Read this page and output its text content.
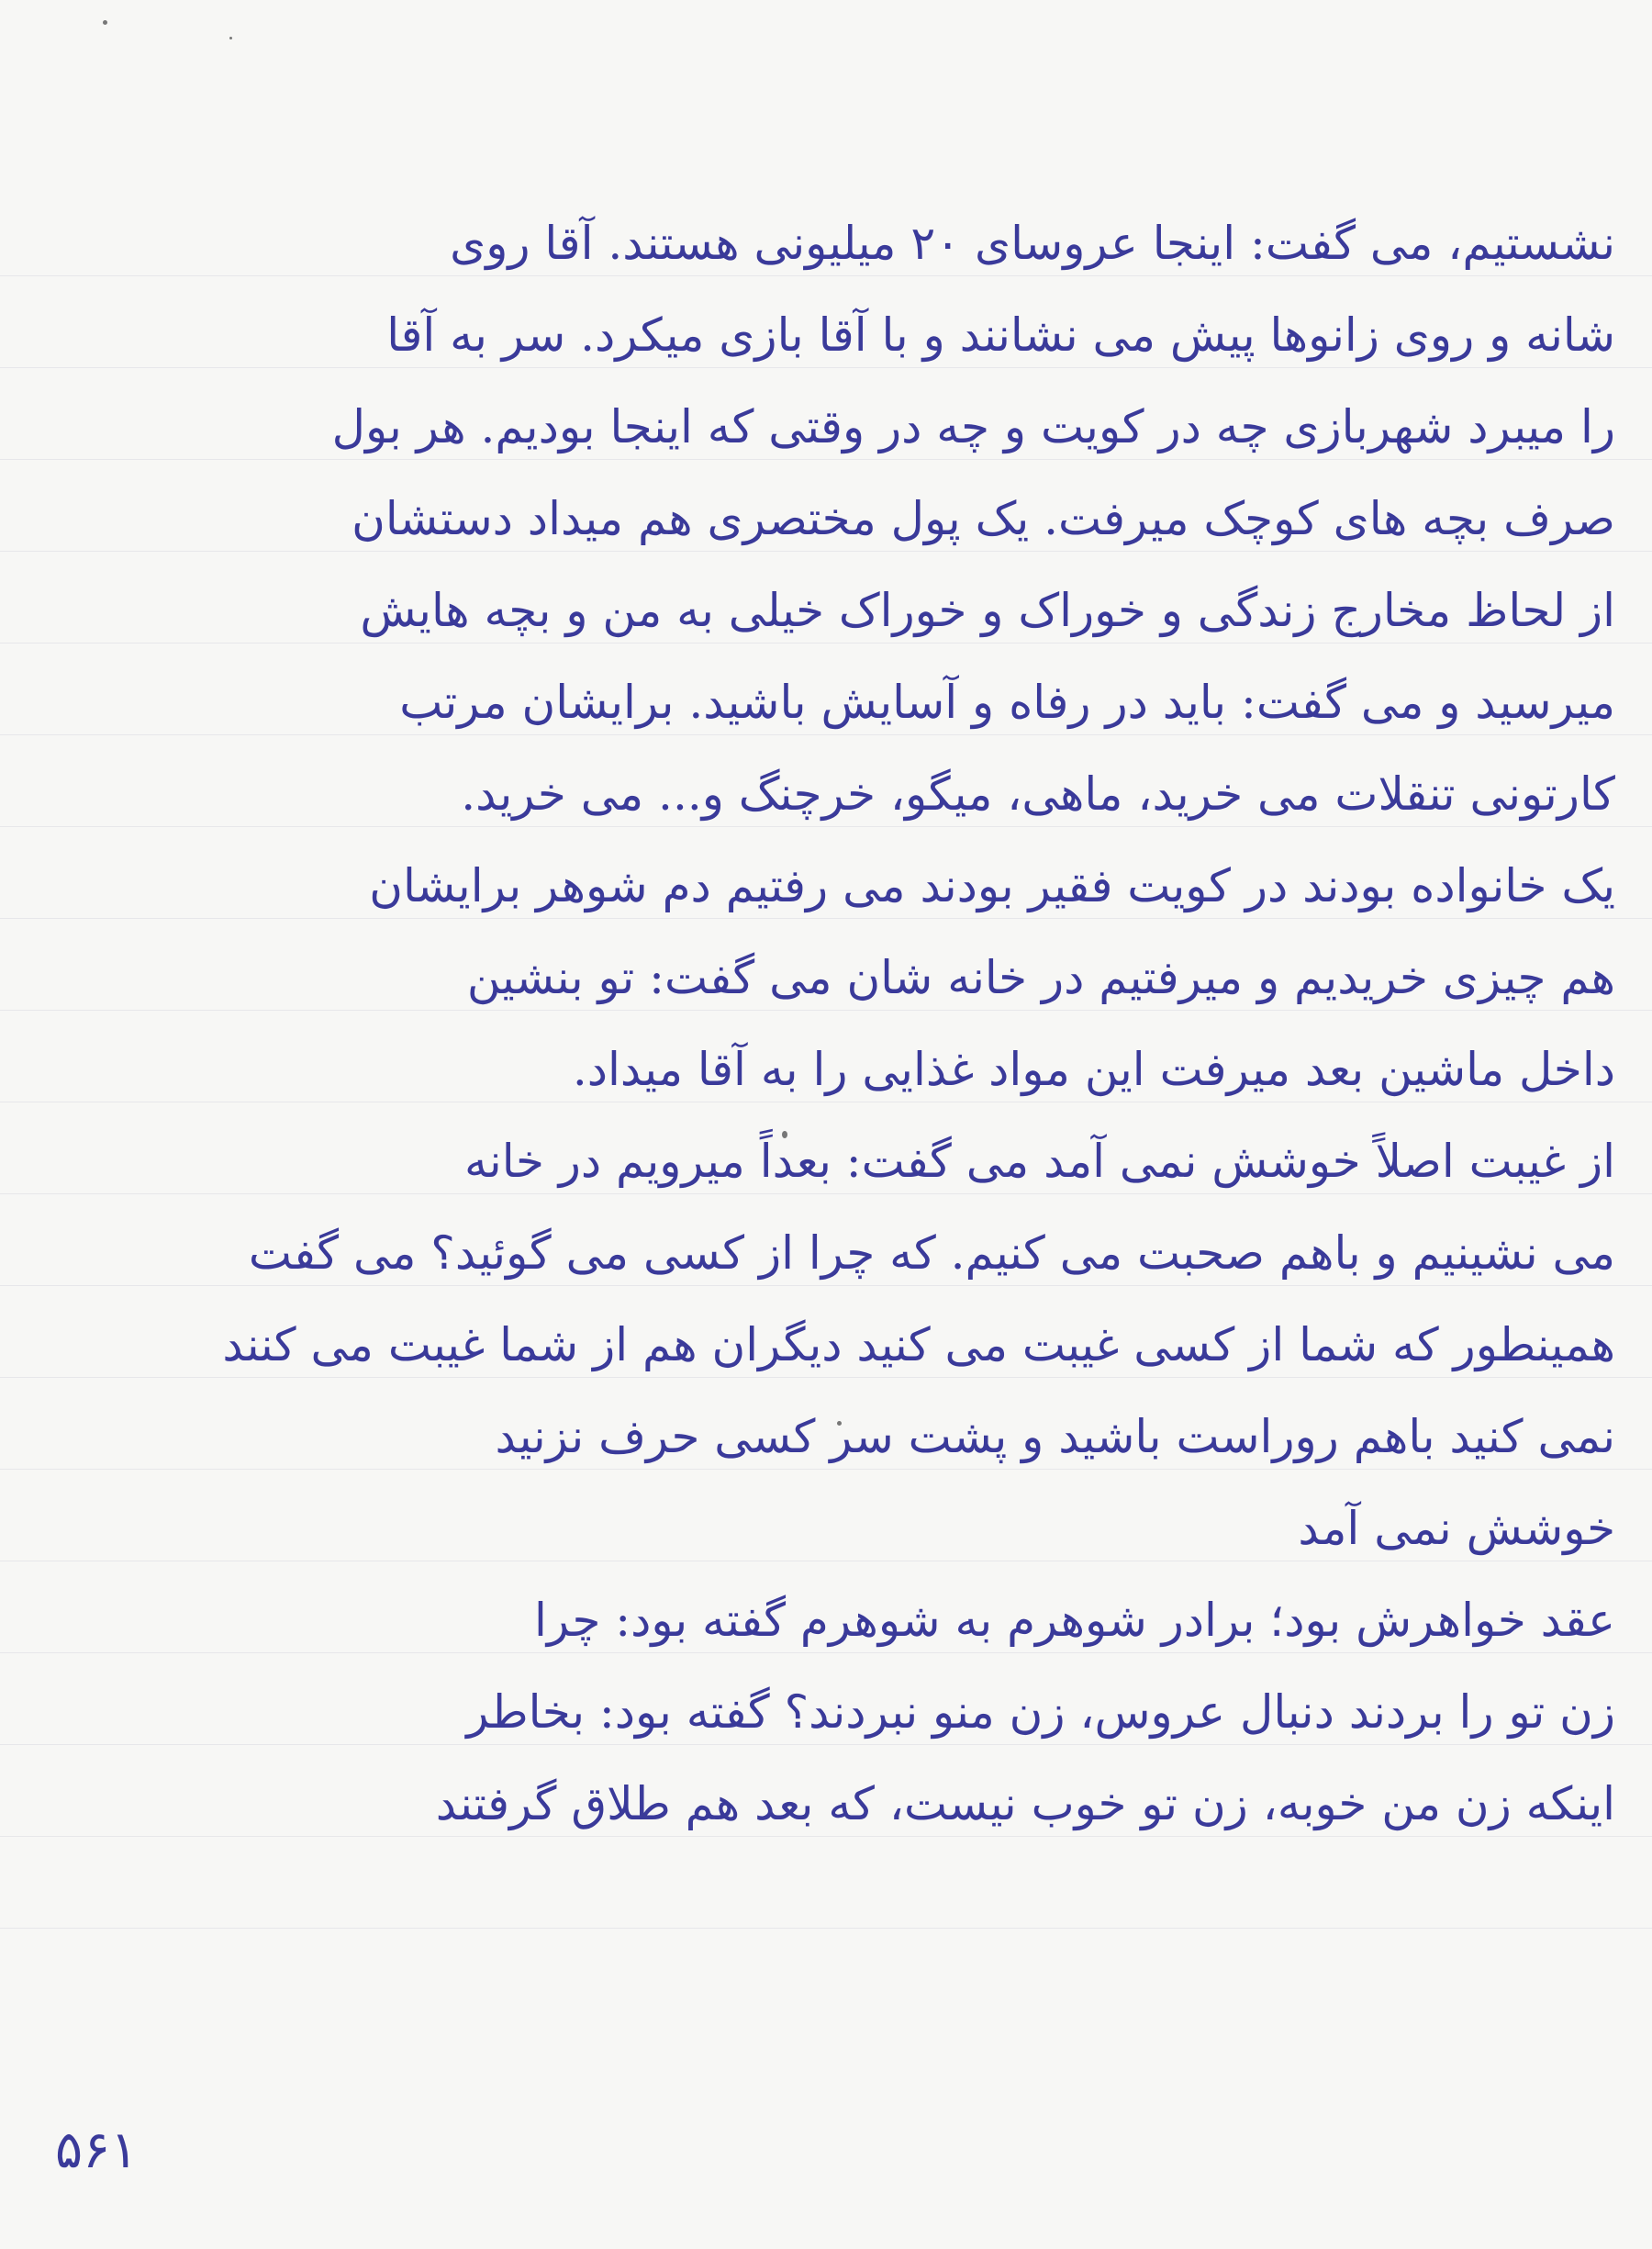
نشستیم، می گفت: اینجا عروسای ۲۰ میلیونی هستند. آقا روی
شانه و روی زانوها پیش می نشانند و با آقا بازی میکرد. سر به آقا
را میبرد شهربازی چه در کویت و چه در وقتی که اینجا بودیم. هر بول
صرف بچه های کوچک میرفت. یک پول مختصری هم میداد دستشان
از لحاظ مخارج زندگی و خوراک و خوراک خیلی به من و بچه هایش
میرسید و می گفت: باید در رفاه و آسایش باشید. برایشان مرتب
کارتونی تنقلات می خرید، ماهی، میگو، خرچنگ و... می خرید.
یک خانواده بودند در کویت فقیر بودند می رفتیم دم شوهر برایشان
هم چیزی خریدیم و میرفتیم در خانه شان می گفت: تو بنشین
داخل ماشین بعد میرفت این مواد غذایی را به آقا میداد.
از غیبت اصلاً خوشش نمی آمد می گفت: بعداً میرویم در خانه
می نشینیم و باهم صحبت می کنیم. که چرا از کسی می گوئید؟ می گفت
همینطور که شما از کسی غیبت می کنید دیگران هم از شما غیبت می کنند
نمی کنید باهم روراست باشید و پشت سر کسی حرف نزنید
خوشش نمی آمد
عقد خواهرش بود؛ برادر شوهرم به شوهرم گفته بود: چرا
زن تو را بردند دنبال عروس، زن منو نبردند؟ گفته بود: بخاطر
اینکه زن من خوبه، زن تو خوب نیست، که بعد هم طلاق گرفتند
۵۶۱
